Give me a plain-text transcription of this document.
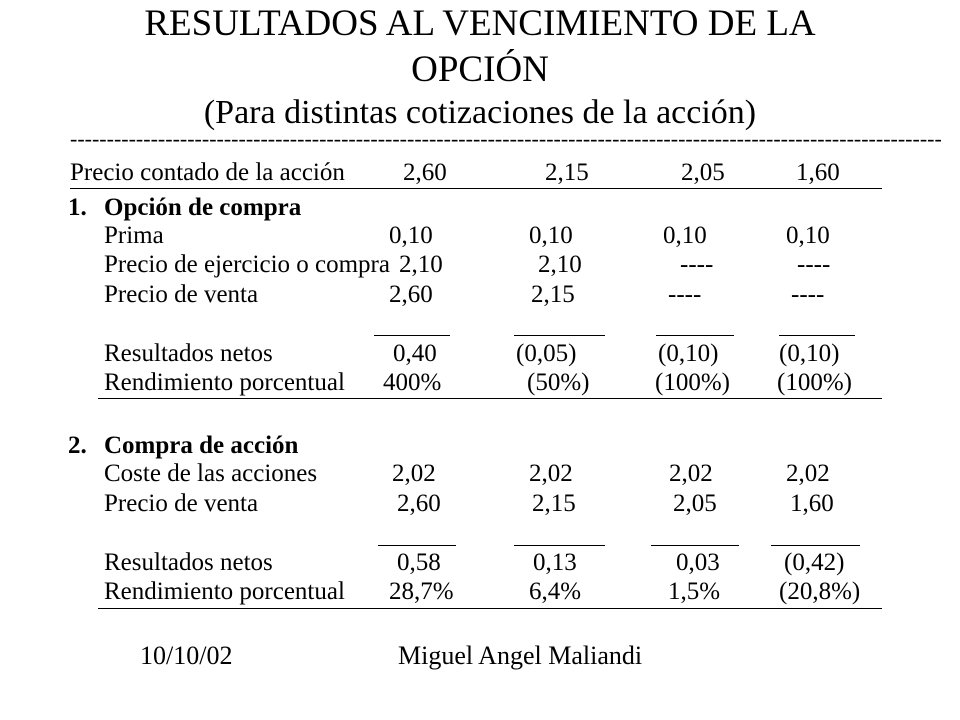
RESULTADOS AL VENCIMIENTO DE LA
OPCIÓN
(Para distintas cotizaciones de la acción)
-----------------------------------------------------------------------------------------------------------------------
Precio contado de la acción 2,60	2,15	2,05	1,60
1. Opción de compra
Prima	0,10	0,10	0,10	0,10
Precio de ejercicio o compra 2,10	2,10	----	----
Precio de venta	2,60	2,15	----	----
Resultados netos	0,40	(0,05)	(0,10) (0,10)
Rendimiento porcentual 400%	(50%)	(100%) (100%)
2. Compra de acción
Coste de las acciones	2,02	2,02	2,02	2,02
Precio de venta	2,60	2,15	2,05	1,60
Resultados netos	0,58	0,13	0,03	(0,42)
Rendimiento porcentual 28,7%	6,4%	1,5% (20,8%)
10/10/02	Miguel Angel Maliandi
